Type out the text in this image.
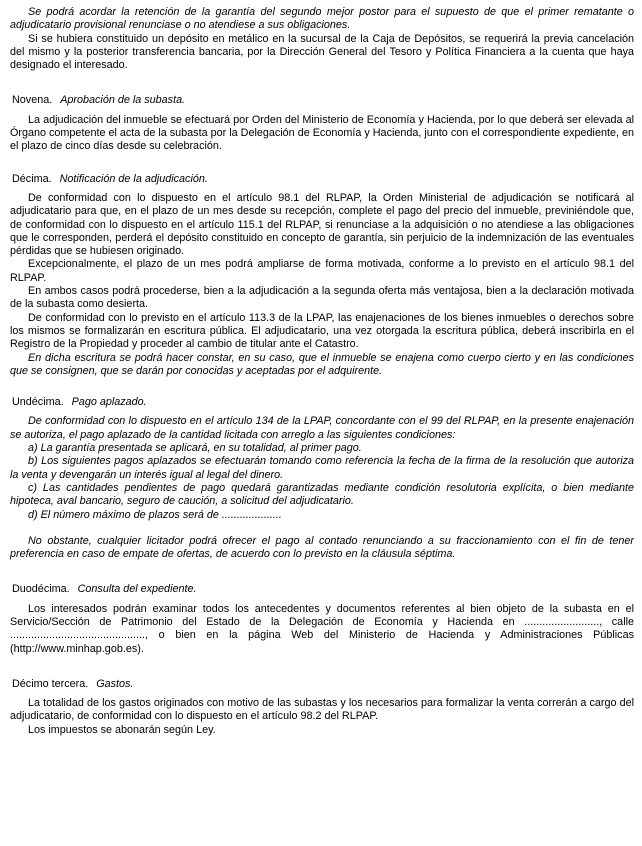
Se podrá acordar la retención de la garantía del segundo mejor postor para el supuesto de que el primer rematante o adjudicatario provisional renunciase o no atendiese a sus obligaciones.

Si se hubiera constituido un depósito en metálico en la sucursal de la Caja de Depósitos, se requerirá la previa cancelación del mismo y la posterior transferencia bancaria, por la Dirección General del Tesoro y Política Financiera a la cuenta que haya designado el interesado.

Novena. Aprobación de la subasta.

La adjudicación del inmueble se efectuará por Orden del Ministerio de Economía y Hacienda, por lo que deberá ser elevada al Órgano competente el acta de la subasta por la Delegación de Economía y Hacienda, junto con el correspondiente expediente, en el plazo de cinco días desde su celebración.

Décima. Notificación de la adjudicación.

De conformidad con lo dispuesto en el artículo 98.1 del RLPAP, la Orden Ministerial de adjudicación se notificará al adjudicatario para que, en el plazo de un mes desde su recepción, complete el pago del precio del inmueble, previniéndole que, de conformidad con lo dispuesto en el artículo 115.1 del RLPAP, si renunciase a la adquisición o no atendiese a las obligaciones que le corresponden, perderá el depósito constituido en concepto de garantía, sin perjuicio de la indemnización de las eventuales pérdidas que se hubiesen originado.

Excepcionalmente, el plazo de un mes podrá ampliarse de forma motivada, conforme a lo previsto en el artículo 98.1 del RLPAP.

En ambos casos podrá procederse, bien a la adjudicación a la segunda oferta más ventajosa, bien a la declaración motivada de la subasta como desierta.

De conformidad con lo previsto en el artículo 113.3 de la LPAP, las enajenaciones de los bienes inmuebles o derechos sobre los mismos se formalizarán en escritura pública. El adjudicatario, una vez otorgada la escritura pública, deberá inscribirla en el Registro de la Propiedad y proceder al cambio de titular ante el Catastro.

En dicha escritura se podrá hacer constar, en su caso, que el inmueble se enajena como cuerpo cierto y en las condiciones que se consignen, que se darán por conocidas y aceptadas por el adquirente.

Undécima. Pago aplazado.

De conformidad con lo dispuesto en el artículo 134 de la LPAP, concordante con el 99 del RLPAP, en la presente enajenación se autoriza, el pago aplazado de la cantidad licitada con arreglo a las siguientes condiciones:

a) La garantía presentada se aplicará, en su totalidad, al primer pago.

b) Los siguientes pagos aplazados se efectuarán tomando como referencia la fecha de la firma de la resolución que autoriza la venta y devengarán un interés igual al legal del dinero.

c) Las cantidades pendientes de pago quedará garantizadas mediante condición resolutoria explícita, o bien mediante hipoteca, aval bancario, seguro de caución, a solicitud del adjudicatario.

d) El número máximo de plazos será de ....................

No obstante, cualquier licitador podrá ofrecer el pago al contado renunciando a su fraccionamiento con el fin de tener preferencia en caso de empate de ofertas, de acuerdo con lo previsto en la cláusula séptima.

Duodécima. Consulta del expediente.

Los interesados podrán examinar todos los antecedentes y documentos referentes al bien objeto de la subasta en el Servicio/Sección de Patrimonio del Estado de la Delegación de Economía y Hacienda en ........................., calle ............................................., o bien en la página Web del Ministerio de Hacienda y Administraciones Públicas (http://www.minhap.gob.es).

Décimo tercera. Gastos.

La totalidad de los gastos originados con motivo de las subastas y los necesarios para formalizar la venta correrán a cargo del adjudicatario, de conformidad con lo dispuesto en el artículo 98.2 del RLPAP.

Los impuestos se abonarán según Ley.
